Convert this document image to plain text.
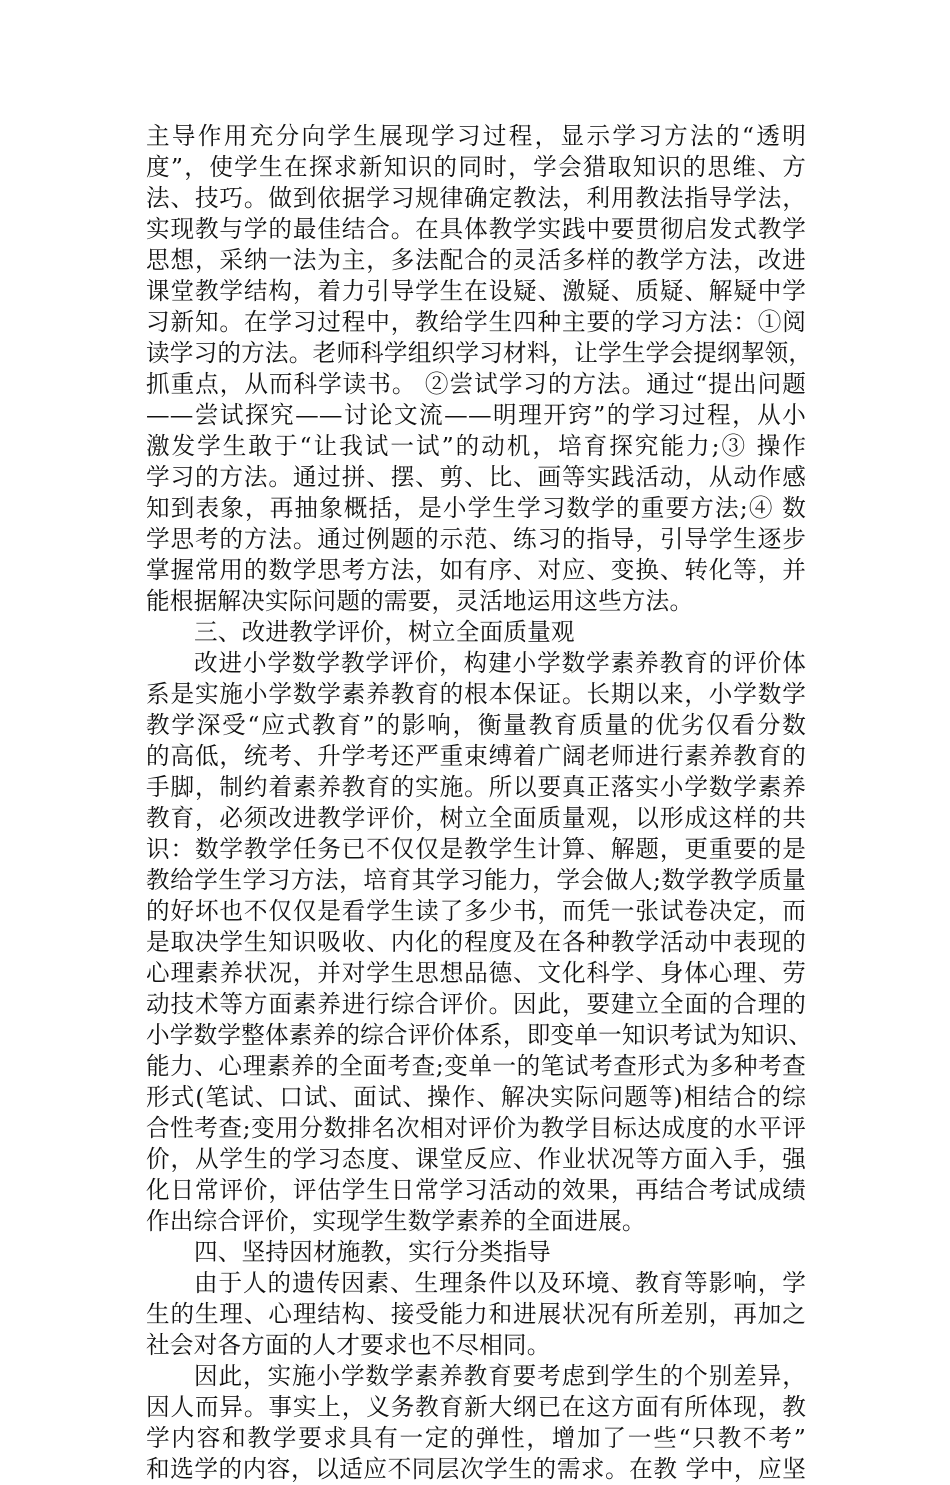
主导作用充分向学生展现学习过程，显示学习方法的“透明
度”，使学生在探求新知识的同时，学会猎取知识的思维、方
法、技巧。做到依据学习规律确定教法，利用教法指导学法，
实现教与学的最佳结合。在具体教学实践中要贯彻启发式教学
思想，采纳一法为主，多法配合的灵活多样的教学方法，改进
课堂教学结构，着力引导学生在设疑、激疑、质疑、解疑中学
习新知。在学习过程中，教给学生四种主要的学习方法：①阅
读学习的方法。老师科学组织学习材料，让学生学会提纲挈领，
抓重点，从而科学读书。 ②尝试学习的方法。通过“提出问题
——尝试探究——讨论文流——明理开窍”的学习过程，从小
激发学生敢于“让我试一试”的动机，培育探究能力;③ 操作
学习的方法。通过拼、摆、剪、比、画等实践活动，从动作感
知到表象，再抽象概括，是小学生学习数学的重要方法;④ 数
学思考的方法。通过例题的示范、练习的指导，引导学生逐步
掌握常用的数学思考方法，如有序、对应、变换、转化等，并
能根据解决实际问题的需要，灵活地运用这些方法。
三、改进教学评价，树立全面质量观
改进小学数学教学评价，构建小学数学素养教育的评价体
系是实施小学数学素养教育的根本保证。长期以来，小学数学
教学深受“应式教育”的影响，衡量教育质量的优劣仅看分数
的高低，统考、升学考还严重束缚着广阔老师进行素养教育的
手脚，制约着素养教育的实施。所以要真正落实小学数学素养
教育，必须改进教学评价，树立全面质量观，以形成这样的共
识：数学教学任务已不仅仅是教学生计算、解题，更重要的是
教给学生学习方法，培育其学习能力，学会做人;数学教学质量
的好坏也不仅仅是看学生读了多少书，而凭一张试卷决定，而
是取决学生知识吸收、内化的程度及在各种教学活动中表现的
心理素养状况，并对学生思想品德、文化科学、身体心理、劳
动技术等方面素养进行综合评价。因此，要建立全面的合理的
小学数学整体素养的综合评价体系，即变单一知识考试为知识、
能力、心理素养的全面考查;变单一的笔试考查形式为多种考查
形式(笔试、口试、面试、操作、解决实际问题等)相结合的综
合性考查;变用分数排名次相对评价为教学目标达成度的水平评
价，从学生的学习态度、课堂反应、作业状况等方面入手，强
化日常评价，评估学生日常学习活动的效果，再结合考试成绩
作出综合评价，实现学生数学素养的全面进展。
四、坚持因材施教，实行分类指导
由于人的遗传因素、生理条件以及环境、教育等影响，学
生的生理、心理结构、接受能力和进展状况有所差别，再加之
社会对各方面的人才要求也不尽相同。
因此，实施小学数学素养教育要考虑到学生的个别差异，
因人而异。事实上，义务教育新大纲已在这方面有所体现，教
学内容和教学要求具有一定的弹性，增加了一些“只教不考”
和选学的内容，以适应不同层次学生的需求。在教 学中，应坚
